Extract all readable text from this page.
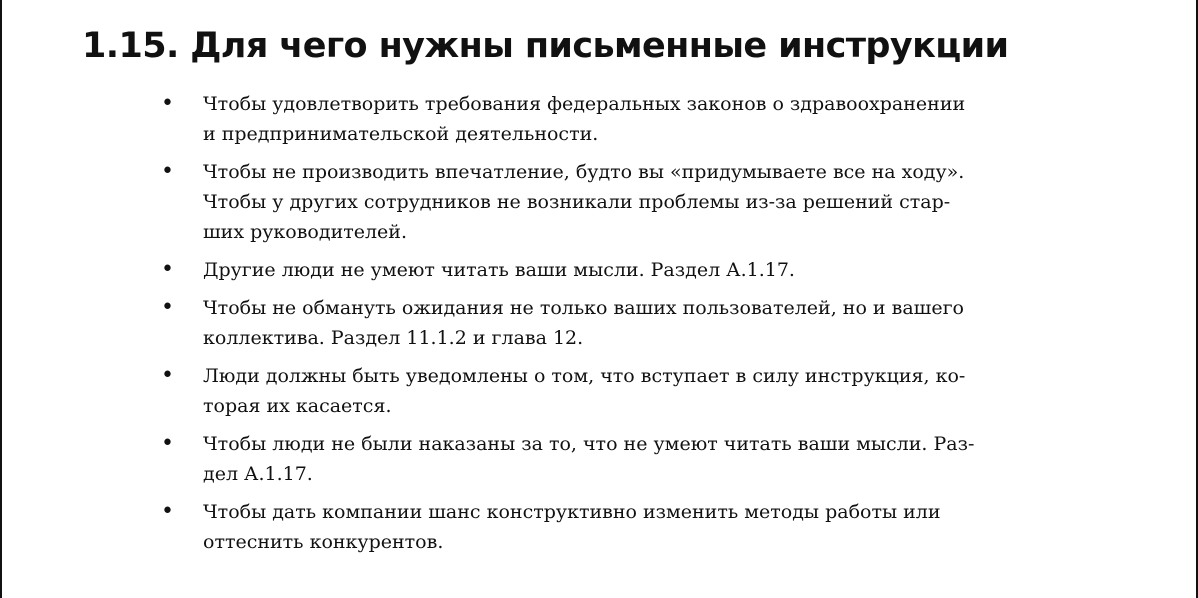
1.15. Для чего нужны письменные инструкции
• Чтобы удовлетворить требования федеральных законов о здравоохранении
и предпринимательской деятельности.
• Чтобы не производить впечатление, будто вы «придумываете все на ходу».
Чтобы у других сотрудников не возникали проблемы из-за решений стар-
ших руководителей.
• Другие люди не умеют читать ваши мысли. Раздел А.1.17.
• Чтобы не обмануть ожидания не только ваших пользователей, но и вашего
коллектива. Раздел 11.1.2 и глава 12.
• Люди должны быть уведомлены о том, что вступает в силу инструкция, ко-
торая их касается.
• Чтобы люди не были наказаны за то, что не умеют читать ваши мысли. Раз-
дел А.1.17.
• Чтобы дать компании шанс конструктивно изменить методы работы или
оттеснить конкурентов.
